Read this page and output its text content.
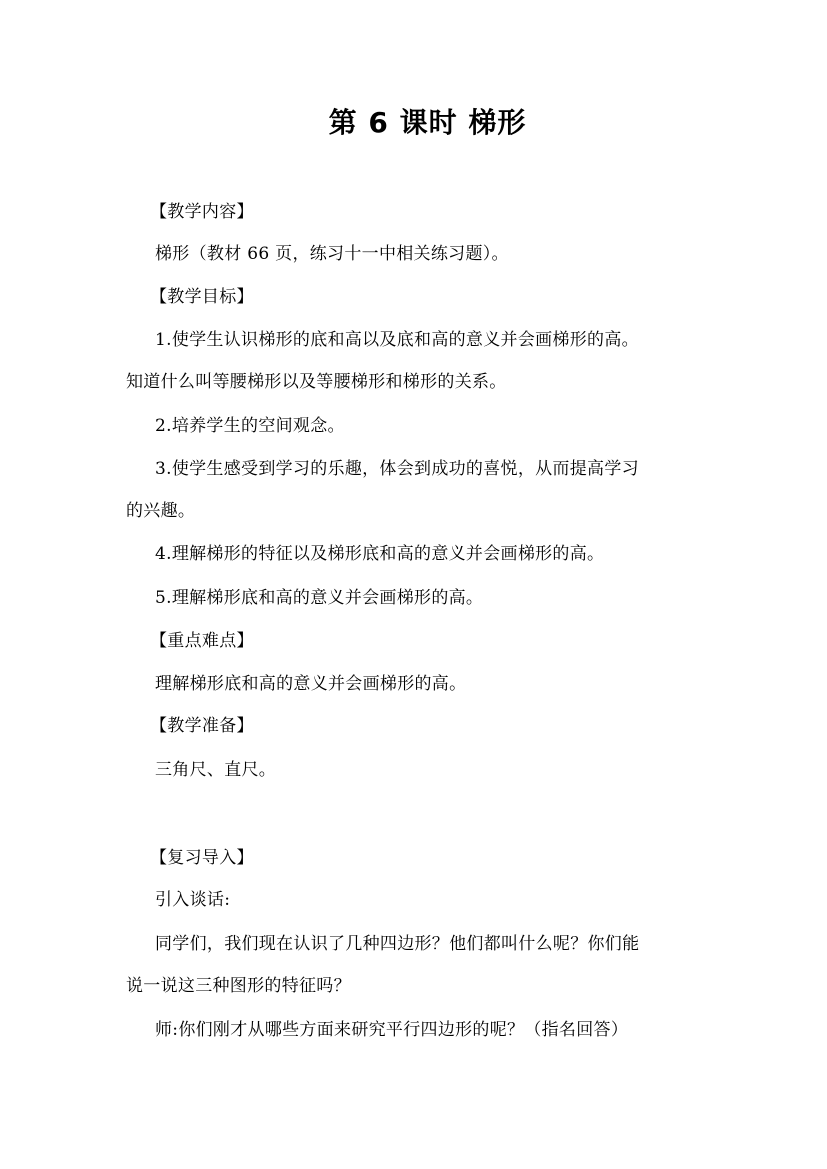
第 6 课时 梯形
【教学内容】
梯形（教材 66 页，练习十一中相关练习题）。
【教学目标】
1.使学生认识梯形的底和高以及底和高的意义并会画梯形的高。
知道什么叫等腰梯形以及等腰梯形和梯形的关系。
2.培养学生的空间观念。
3.使学生感受到学习的乐趣，体会到成功的喜悦，从而提高学习
的兴趣。
4.理解梯形的特征以及梯形底和高的意义并会画梯形的高。
5.理解梯形底和高的意义并会画梯形的高。
【重点难点】
理解梯形底和高的意义并会画梯形的高。
【教学准备】
三角尺、直尺。
【复习导入】
引入谈话:
同学们，我们现在认识了几种四边形？他们都叫什么呢？你们能
说一说这三种图形的特征吗？
师:你们刚才从哪些方面来研究平行四边形的呢？（指名回答）
